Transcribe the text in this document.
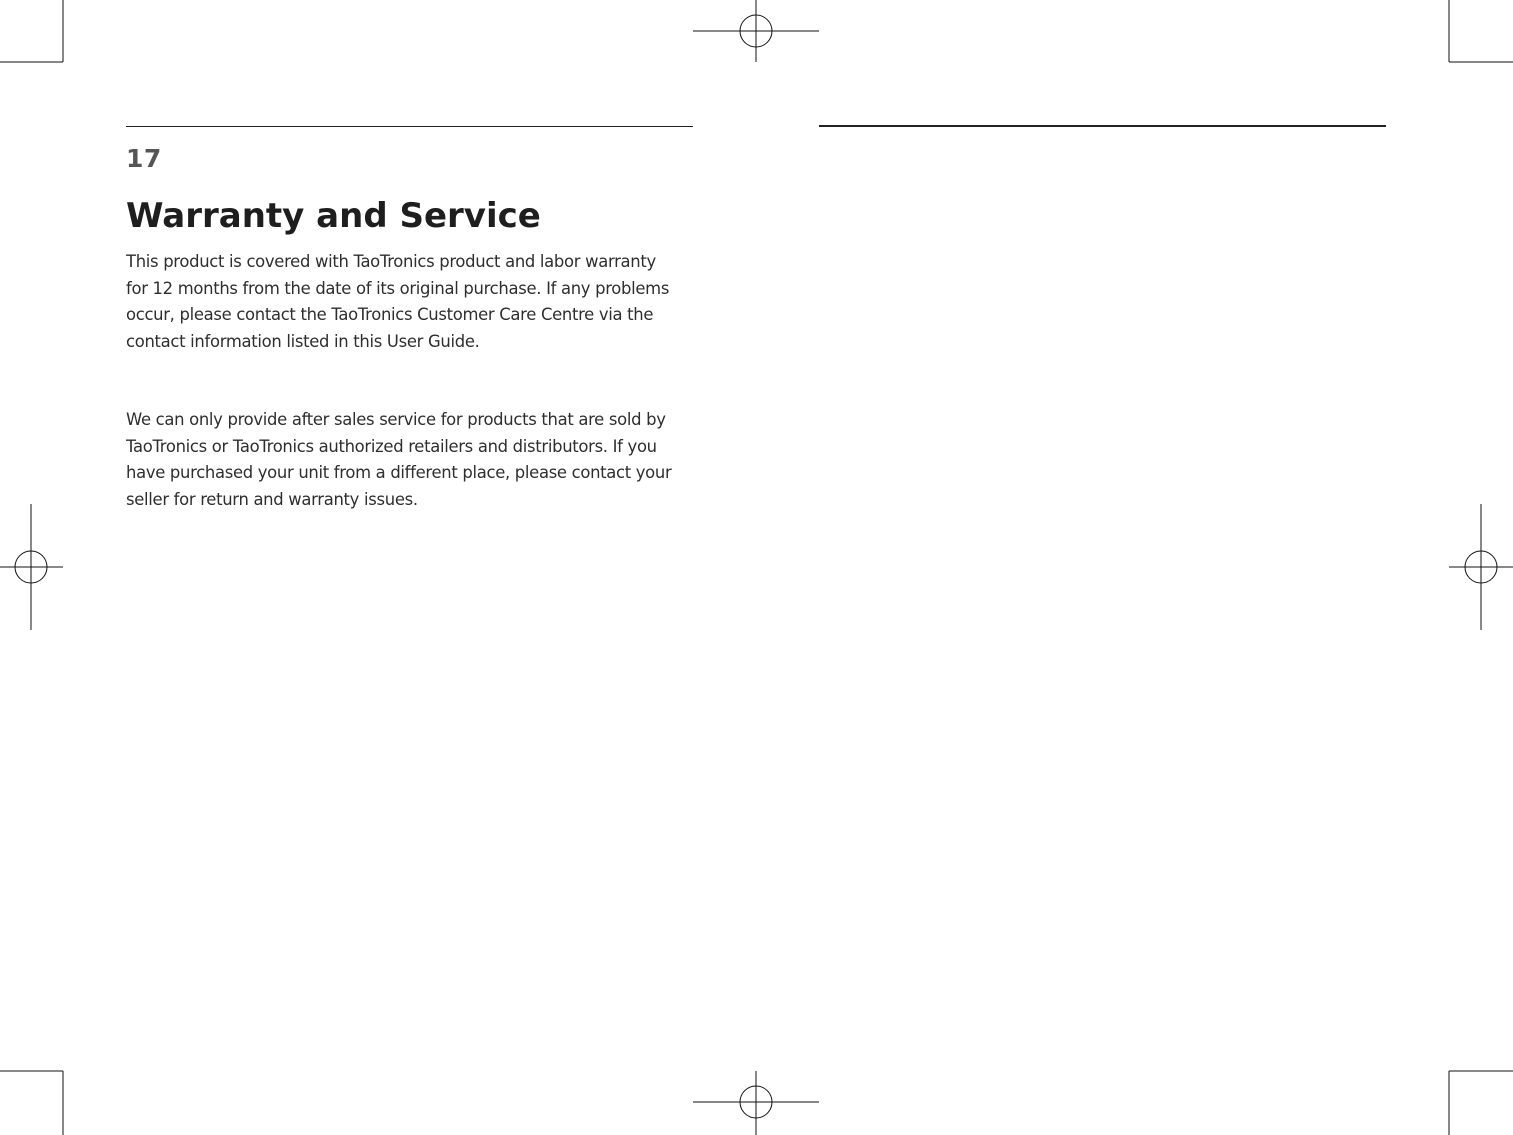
17
Warranty and Service

This product is covered with TaoTronics product and labor warranty
for 12 months from the date of its original purchase. If any problems
occur, please contact the TaoTronics Customer Care Centre via the
contact information listed in this User Guide.

We can only provide after sales service for products that are sold by
TaoTronics or TaoTronics authorized retailers and distributors. If you
have purchased your unit from a different place, please contact your
seller for return and warranty issues.
